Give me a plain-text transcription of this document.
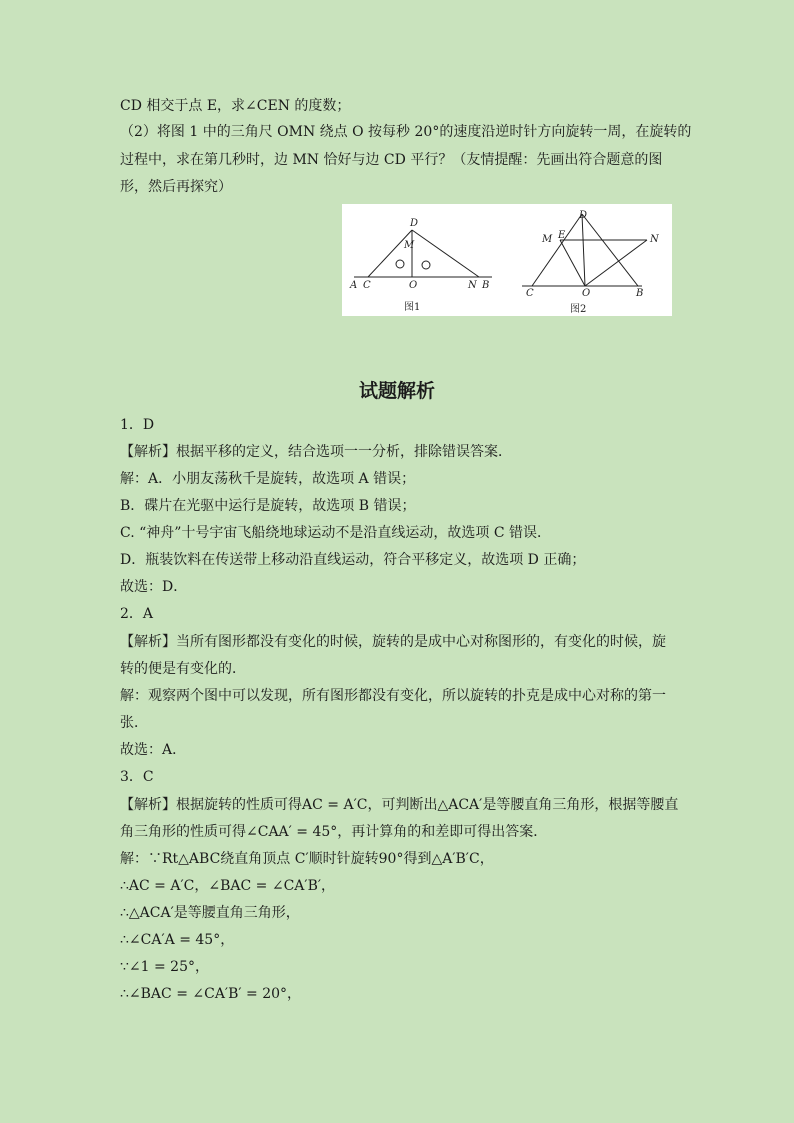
CD 相交于点 E，求∠CEN 的度数；
（2）将图 1 中的三角尺 OMN 绕点 O 按每秒 20°的速度沿逆时针方向旋转一周，在旋转的
过程中，求在第几秒时，边 MN 恰好与边 CD 平行？（友情提醒：先画出符合题意的图
形，然后再探究）
D
M
A C	O	N B
图1
D
M E	N
C	O	B
图2
试题解析
1．D
【解析】根据平移的定义，结合选项一一分析，排除错误答案．
解：A．小朋友荡秋千是旋转，故选项 A 错误；
B．碟片在光驱中运行是旋转，故选项 B 错误；
C. “神舟”十号宇宙飞船绕地球运动不是沿直线运动，故选项 C 错误．
D．瓶装饮料在传送带上移动沿直线运动，符合平移定义，故选项 D 正确；
故选：D．
2．A
【解析】当所有图形都没有变化的时候，旋转的是成中心对称图形的，有变化的时候，旋
转的便是有变化的．
解：观察两个图中可以发现，所有图形都没有变化，所以旋转的扑克是成中心对称的第一
张．
故选：A．
3．C
【解析】根据旋转的性质可得AC = A′C，可判断出△ACA′是等腰直角三角形，根据等腰直
角三角形的性质可得∠CAA′ = 45°，再计算角的和差即可得出答案．
解：∵Rt△ABC绕直角顶点 C′顺时针旋转90°得到△A′B′C，
∴AC = A′C，∠BAC = ∠CA′B′，
∴△ACA′是等腰直角三角形，
∴∠CA′A = 45°，
∵∠1 = 25°，
∴∠BAC = ∠CA′B′ = 20°，
